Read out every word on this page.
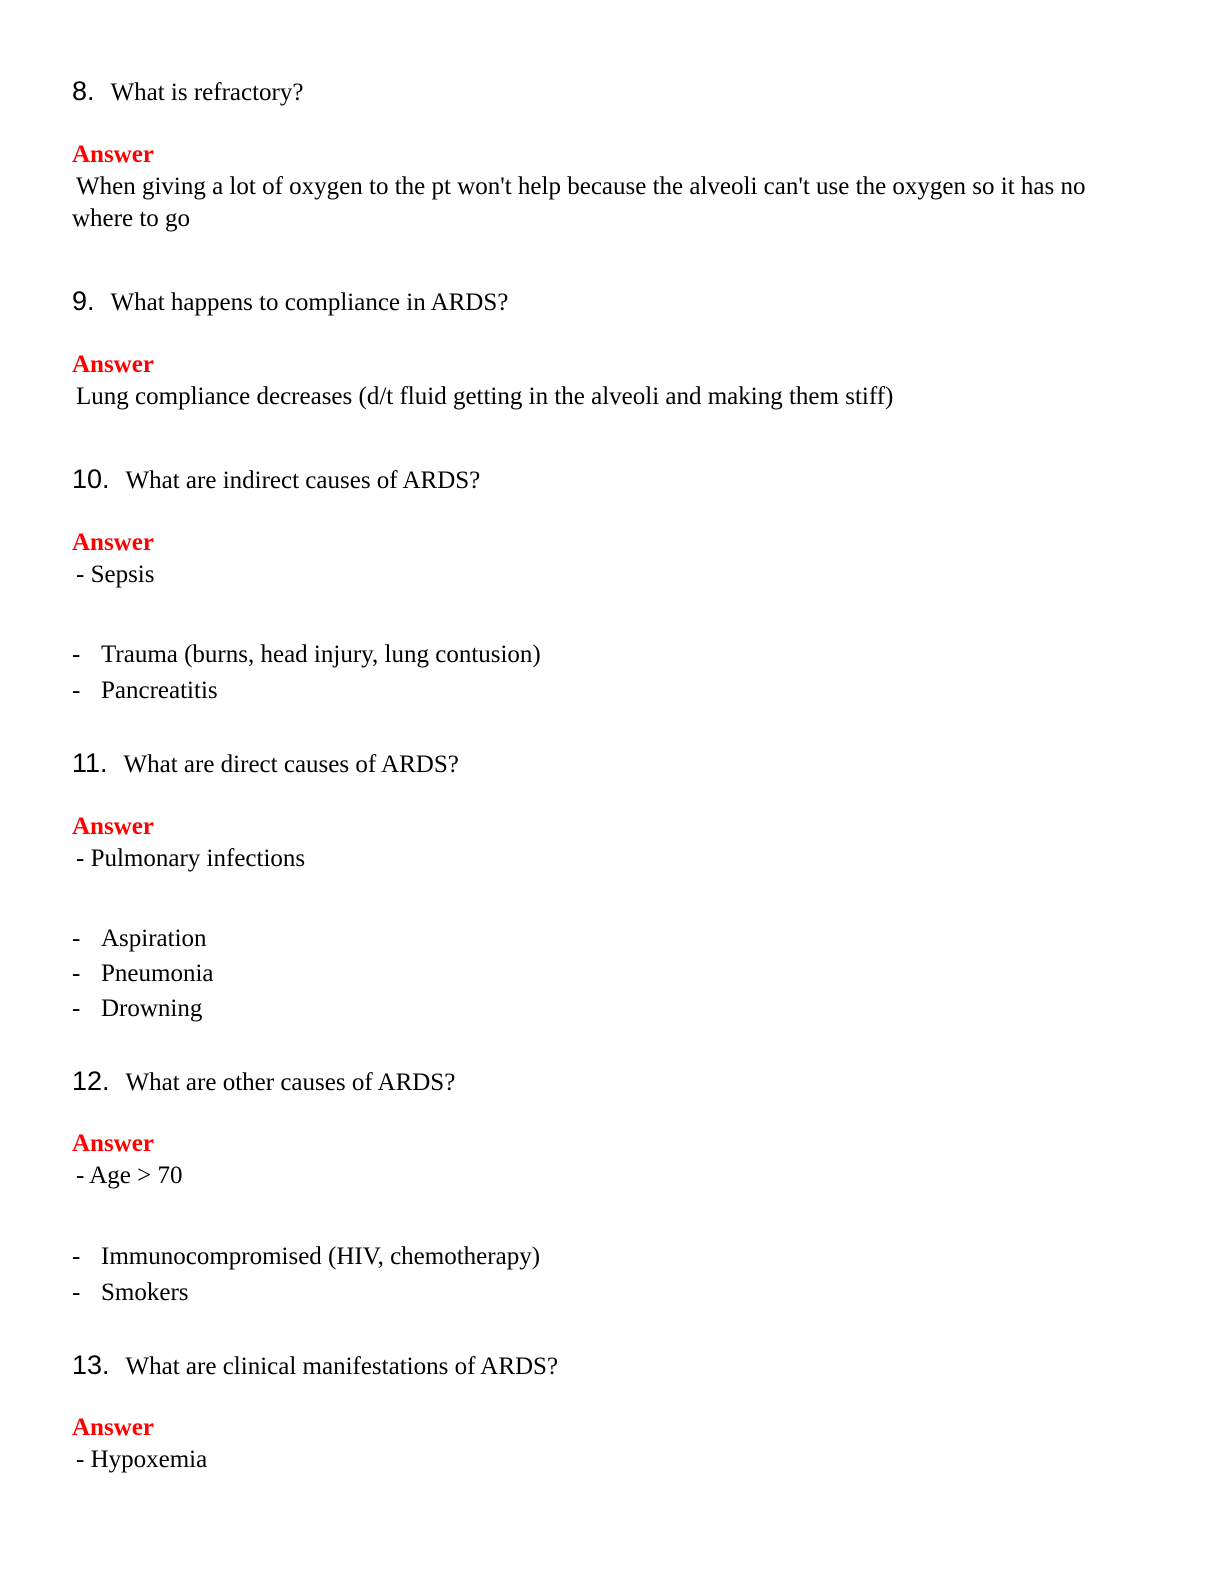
8. What is refractory?
Answer
When giving a lot of oxygen to the pt won't help because the alveoli can't use the oxygen so it has no where to go
9. What happens to compliance in ARDS?
Answer
Lung compliance decreases (d/t fluid getting in the alveoli and making them stiff)
10. What are indirect causes of ARDS?
Answer
- Sepsis
- Trauma (burns, head injury, lung contusion)
- Pancreatitis
11. What are direct causes of ARDS?
Answer
- Pulmonary infections
- Aspiration
- Pneumonia
- Drowning
12. What are other causes of ARDS?
Answer
- Age > 70
- Immunocompromised (HIV, chemotherapy)
- Smokers
13. What are clinical manifestations of ARDS?
Answer
- Hypoxemia
